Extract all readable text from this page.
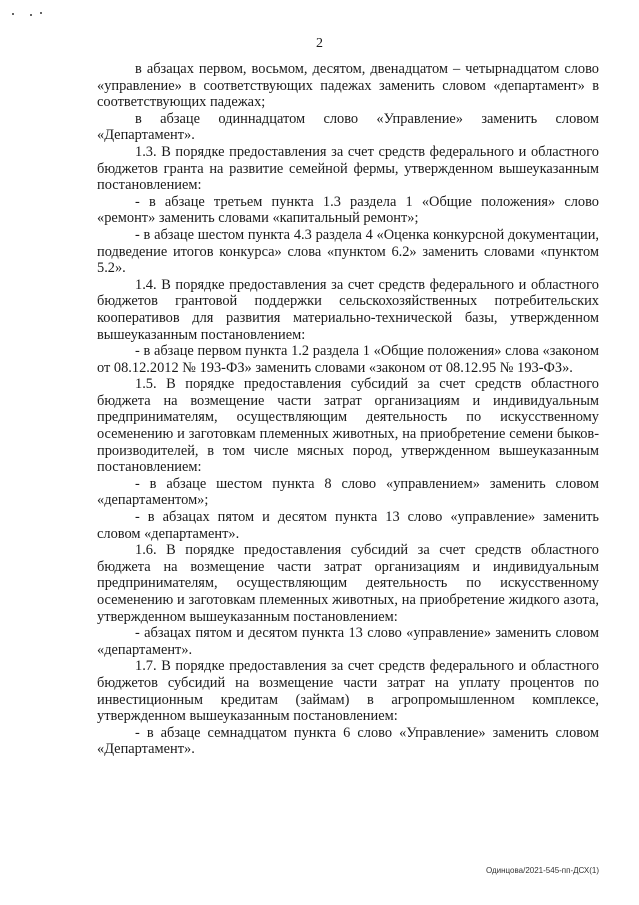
2

в абзацах первом, восьмом, десятом, двенадцатом – четырнадцатом слово «управление» в соответствующих падежах заменить словом «департамент» в соответствующих падежах;

в абзаце одиннадцатом слово «Управление» заменить словом «Департамент».

1.3. В порядке предоставления за счет средств федерального и областного бюджетов гранта на развитие семейной фермы, утвержденном вышеуказанным постановлением:

- в абзаце третьем пункта 1.3 раздела 1 «Общие положения» слово «ремонт» заменить словами «капитальный ремонт»;

- в абзаце шестом пункта 4.3 раздела 4 «Оценка конкурсной документации, подведение итогов конкурса» слова «пунктом 6.2» заменить словами «пунктом 5.2».

1.4. В порядке предоставления за счет средств федерального и областного бюджетов грантовой поддержки сельскохозяйственных потребительских кооперативов для развития материально-технической базы, утвержденном вышеуказанным постановлением:

- в абзаце первом пункта 1.2 раздела 1 «Общие положения» слова «законом от 08.12.2012 № 193-ФЗ» заменить словами «законом от 08.12.95 № 193-ФЗ».

1.5. В порядке предоставления субсидий за счет средств областного бюджета на возмещение части затрат организациям и индивидуальным предпринимателям, осуществляющим деятельность по искусственному осеменению и заготовкам племенных животных, на приобретение семени быков-производителей, в том числе мясных пород, утвержденном вышеуказанным постановлением:

- в абзаце шестом пункта 8 слово «управлением» заменить словом «департаментом»;

- в абзацах пятом и десятом пункта 13 слово «управление» заменить словом «департамент».

1.6. В порядке предоставления субсидий за счет средств областного бюджета на возмещение части затрат организациям и индивидуальным предпринимателям, осуществляющим деятельность по искусственному осеменению и заготовкам племенных животных, на приобретение жидкого азота, утвержденном вышеуказанным постановлением:

- абзацах пятом и десятом пункта 13 слово «управление» заменить словом «департамент».

1.7. В порядке предоставления за счет средств федерального и областного бюджетов субсидий на возмещение части затрат на уплату процентов по инвестиционным кредитам (займам) в агропромышленном комплексе, утвержденном вышеуказанным постановлением:

- в абзаце семнадцатом пункта 6 слово «Управление» заменить словом «Департамент».

Одинцова/2021-545-пп-ДСХ(1)
